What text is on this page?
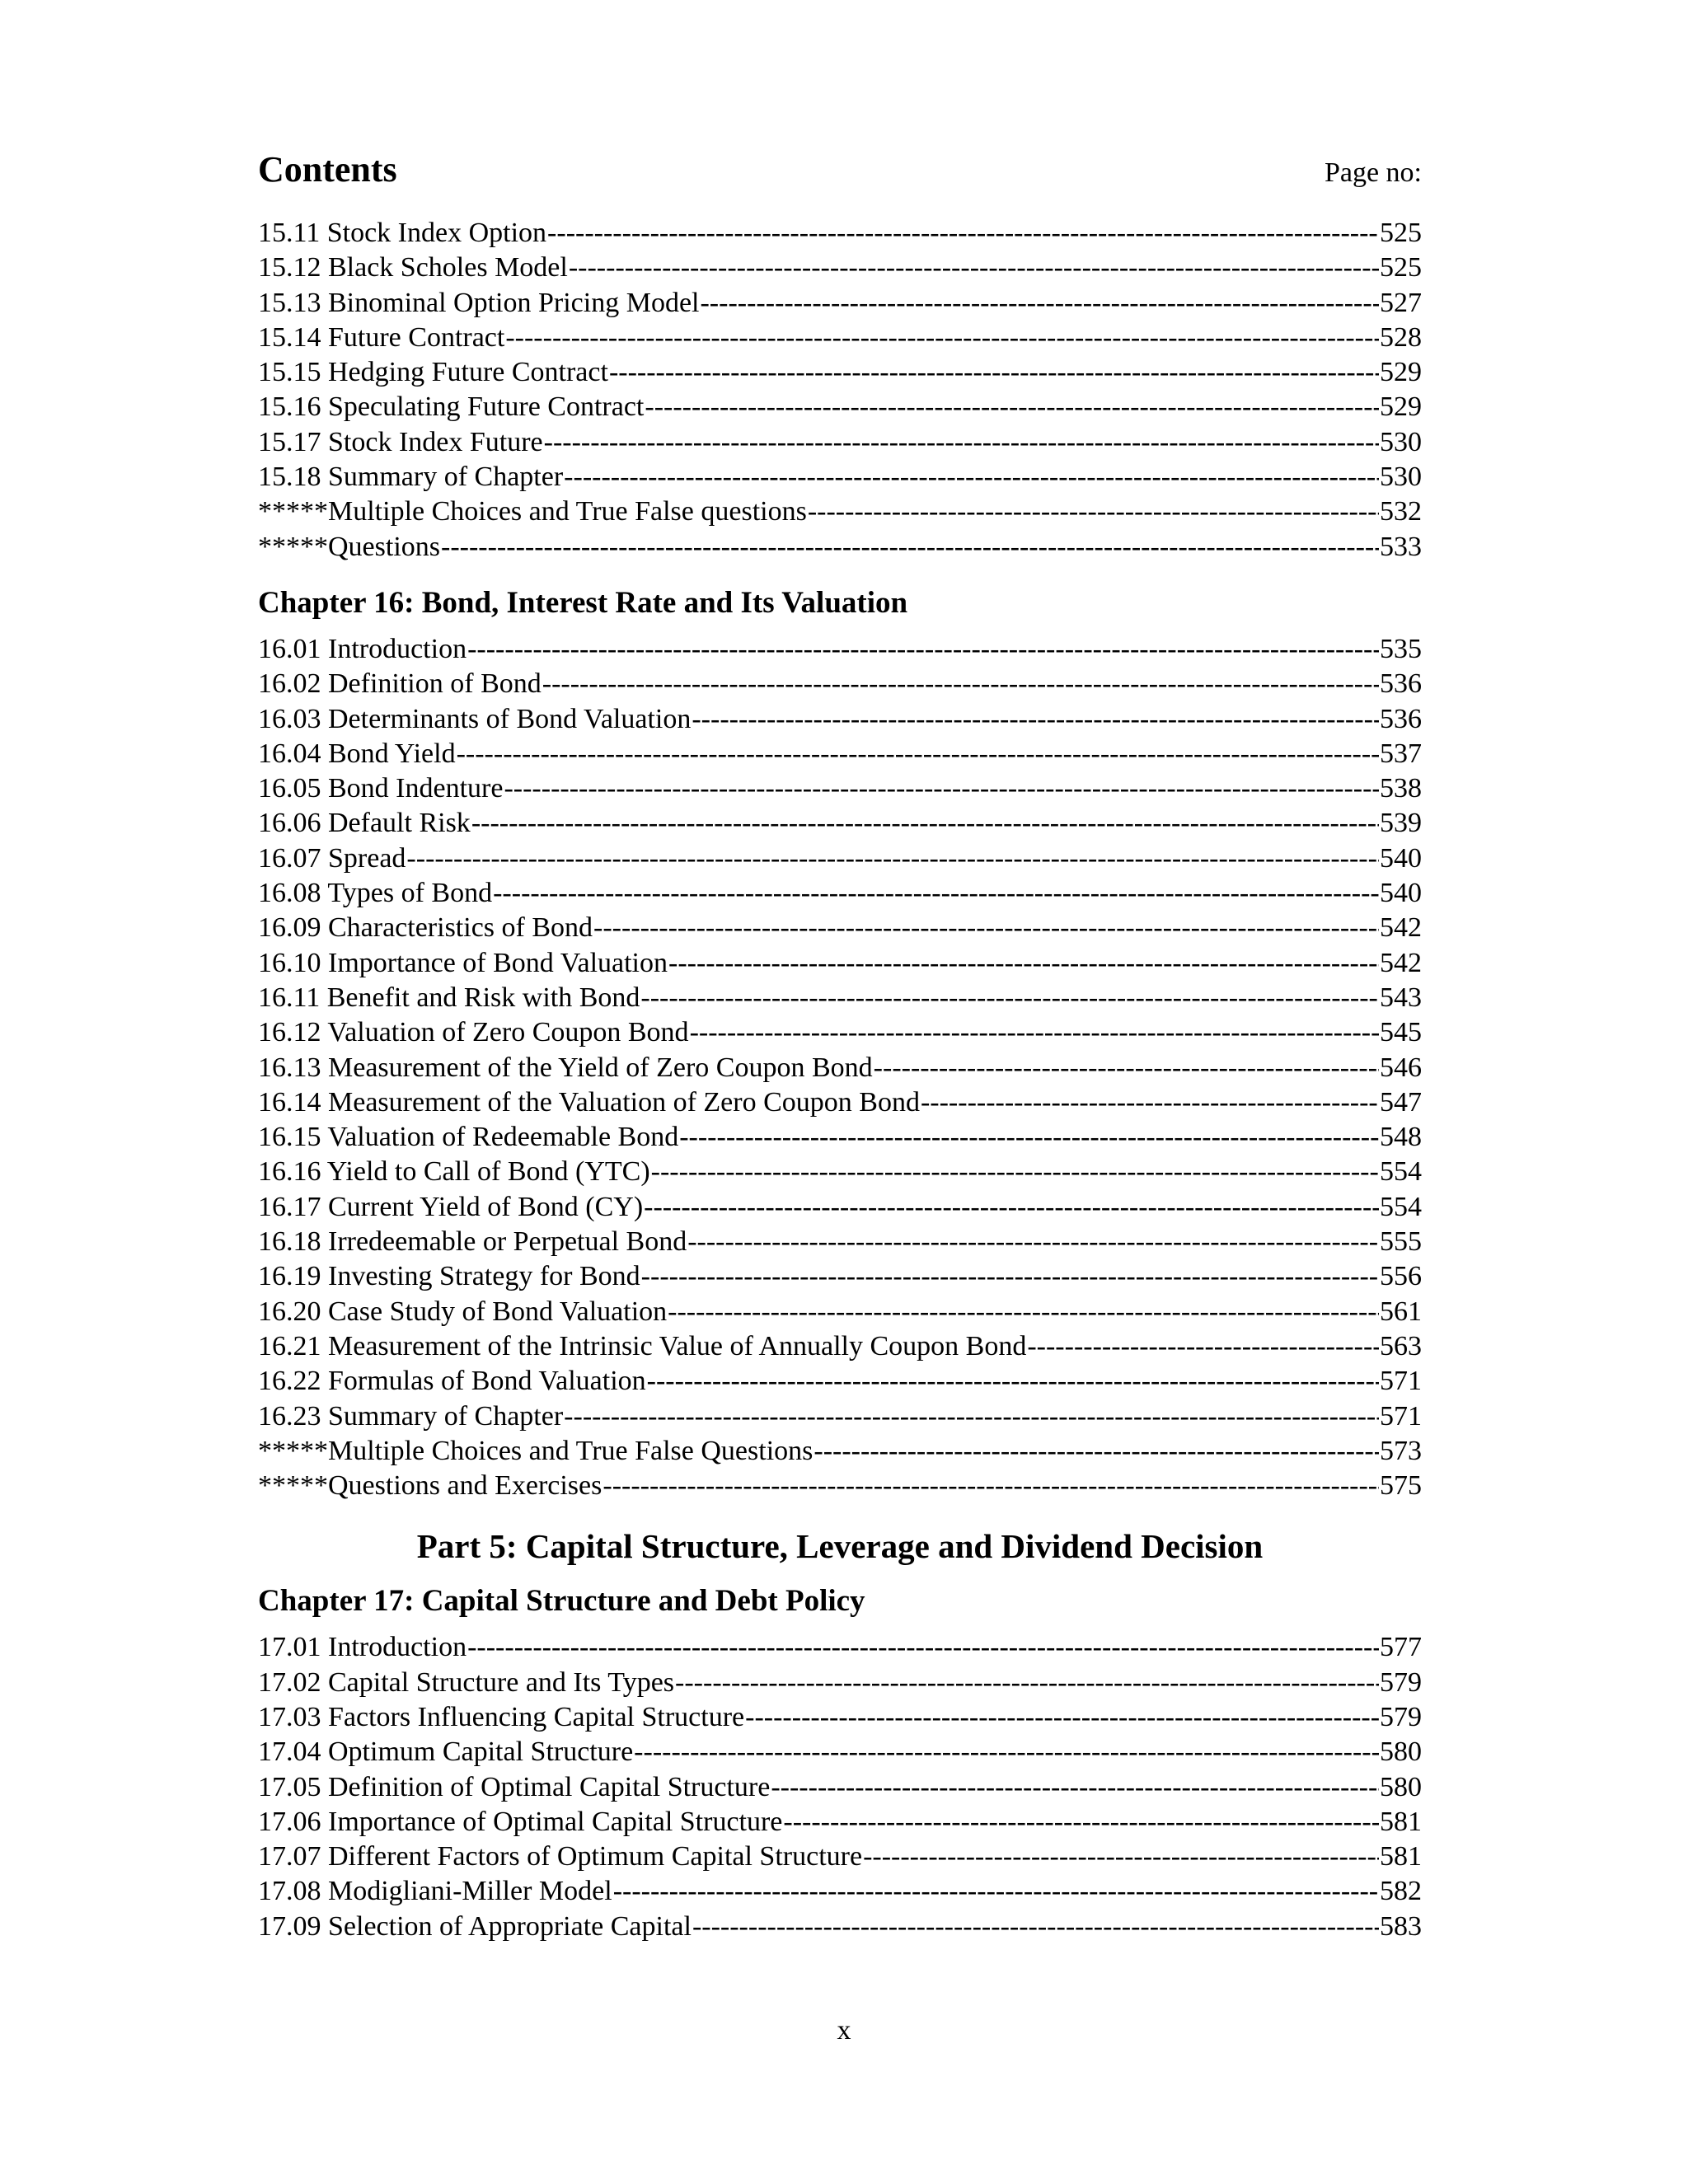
Contents	Page no:
15.11 Stock Index Option -----	525
15.12 Black Scholes Model -----	525
15.13 Binominal Option Pricing Model -----	527
15.14 Future Contract -----	528
15.15 Hedging Future Contract -----	529
15.16 Speculating Future Contract -----	529
15.17 Stock Index Future -----	530
15.18 Summary of Chapter -----	530
*****Multiple Choices and True False questions -----	532
*****Questions -----	533
Chapter 16: Bond, Interest Rate and Its Valuation
16.01 Introduction -----	535
16.02 Definition of Bond -----	536
16.03 Determinants of Bond Valuation -----	536
16.04 Bond Yield -----	537
16.05 Bond Indenture -----	538
16.06 Default Risk -----	539
16.07 Spread -----	540
16.08 Types of Bond -----	540
16.09 Characteristics of Bond -----	542
16.10 Importance of Bond Valuation -----	542
16.11 Benefit and Risk with Bond -----	543
16.12 Valuation of Zero Coupon Bond -----	545
16.13 Measurement of the Yield of Zero Coupon Bond -----	546
16.14 Measurement of the Valuation of Zero Coupon Bond -----	547
16.15 Valuation of Redeemable Bond -----	548
16.16 Yield to Call of Bond (YTC) -----	554
16.17 Current Yield of Bond (CY) -----	554
16.18 Irredeemable or Perpetual Bond -----	555
16.19 Investing Strategy for Bond -----	556
16.20 Case Study of Bond Valuation -----	561
16.21 Measurement of the Intrinsic Value of Annually Coupon Bond -----	563
16.22 Formulas of Bond Valuation -----	571
16.23 Summary of Chapter -----	571
*****Multiple Choices and True False Questions -----	573
*****Questions and Exercises -----	575
Part 5: Capital Structure, Leverage and Dividend Decision
Chapter 17: Capital Structure and Debt Policy
17.01 Introduction -----	577
17.02 Capital Structure and Its Types -----	579
17.03 Factors Influencing Capital Structure -----	579
17.04 Optimum Capital Structure -----	580
17.05 Definition of Optimal Capital Structure -----	580
17.06 Importance of Optimal Capital Structure -----	581
17.07 Different Factors of Optimum Capital Structure -----	581
17.08 Modigliani-Miller Model -----	582
17.09 Selection of Appropriate Capital -----	583
x
